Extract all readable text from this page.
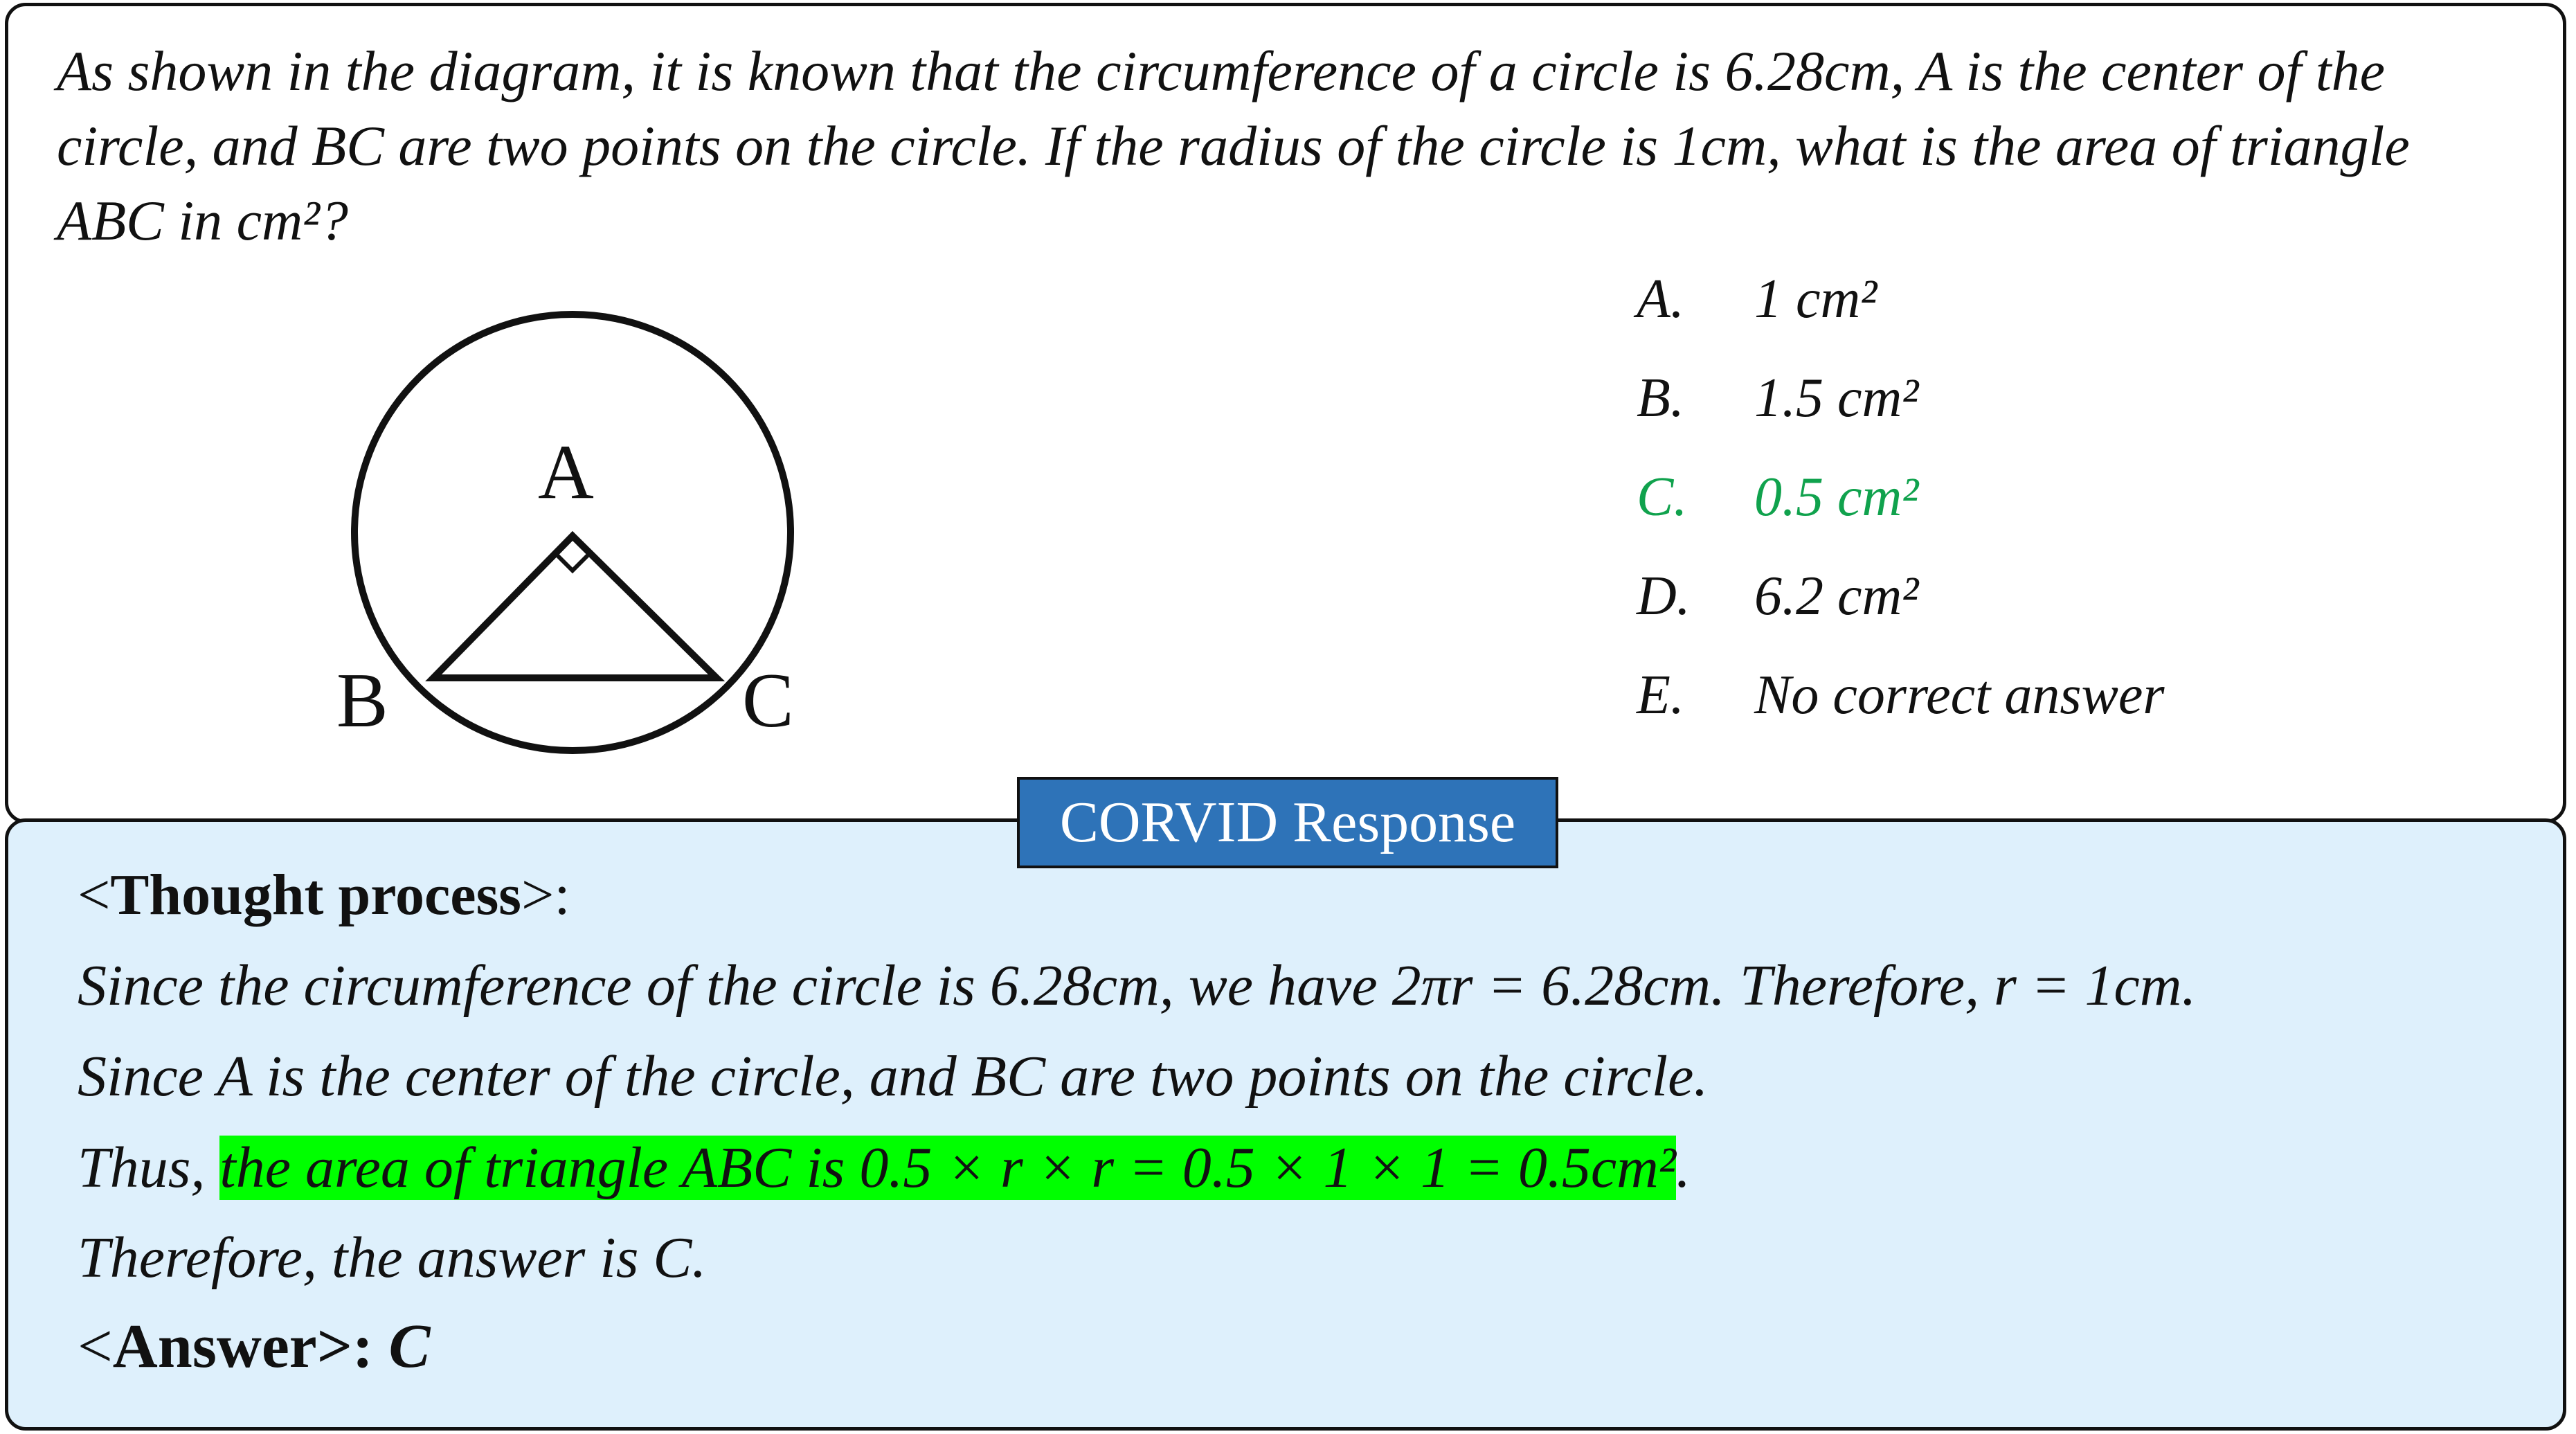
As shown in the diagram, it is known that the circumference of a circle is 6.28cm, A is the center of the circle, and BC are two points on the circle. If the radius of the circle is 1cm, what is the area of triangle ABC in cm²?

A
B	C
A. 1 cm²
B. 1.5 cm²
C. 0.5 cm²
D. 6.2 cm²
E. No correct answer

<Thought process>:

Since the circumference of the circle is 6.28cm, we have 2πr = 6.28cm. Therefore, r = 1cm.

Since A is the center of the circle, and BC are two points on the circle.

Thus, the area of triangle ABC is 0.5 × r × r = 0.5 × 1 × 1 = 0.5cm².

Therefore, the answer is C.

<Answer>: C

CORVID Response
